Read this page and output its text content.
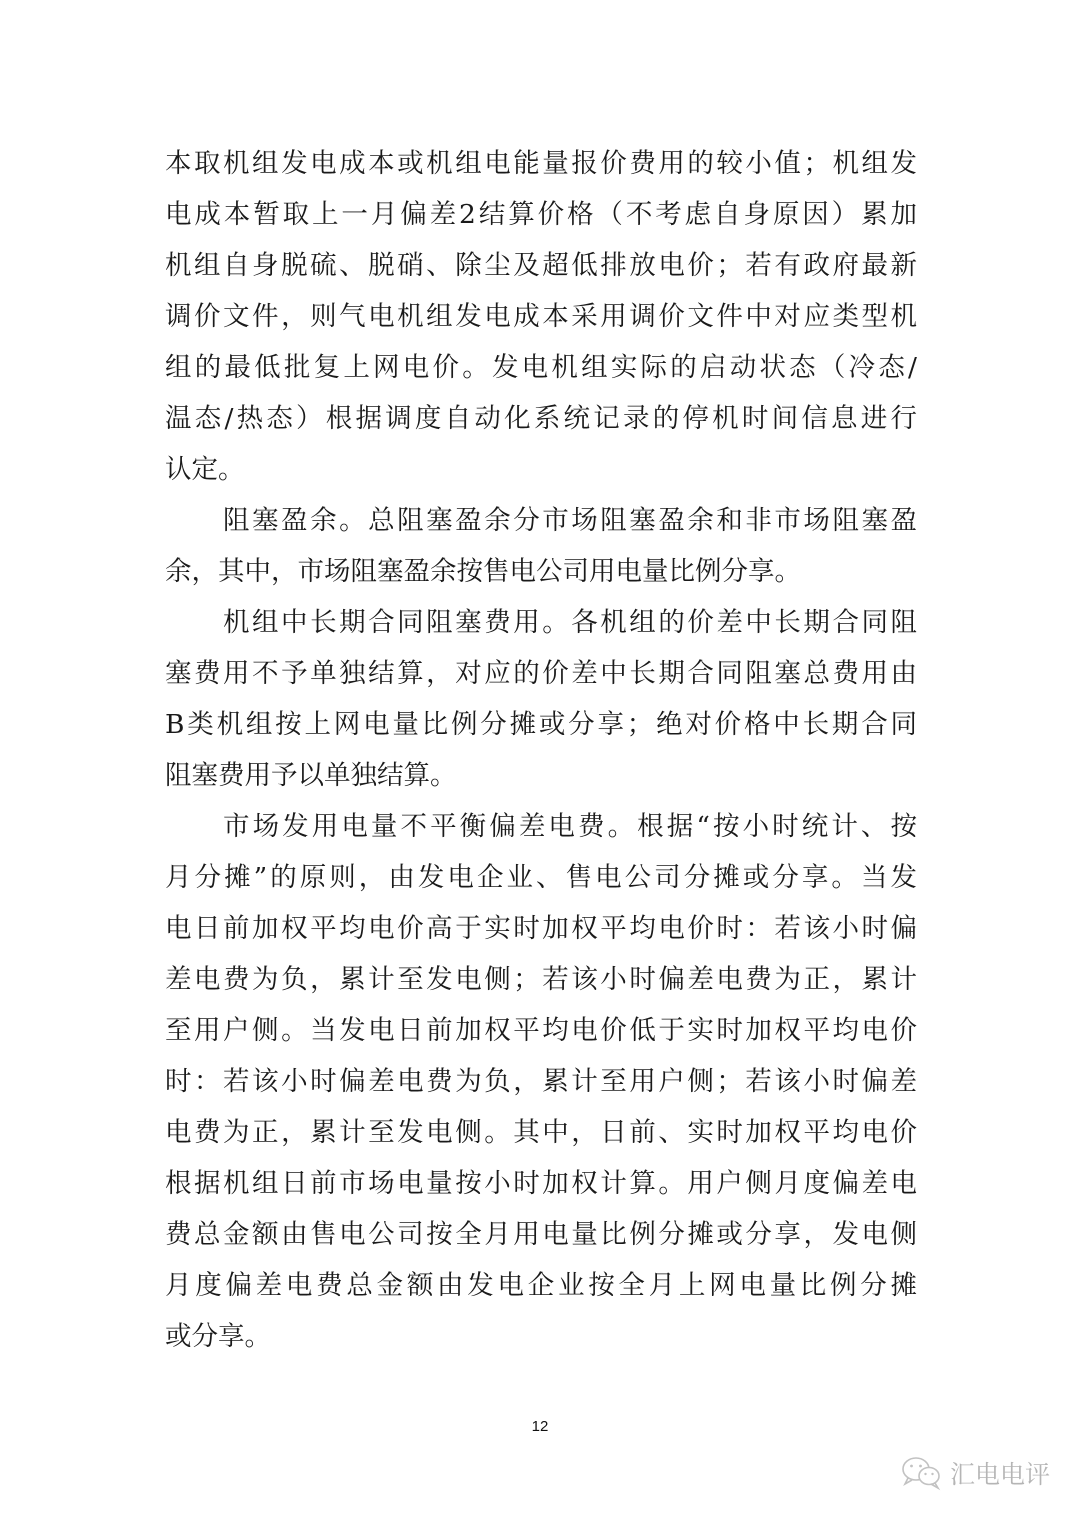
本取机组发电成本或机组电能量报价费用的较小值；机组发
电成本暂取上一月偏差2结算价格（不考虑自身原因）累加
机组自身脱硫、脱硝、除尘及超低排放电价；若有政府最新
调价文件，则气电机组发电成本采用调价文件中对应类型机
组的最低批复上网电价。发电机组实际的启动状态（冷态/
温态/热态）根据调度自动化系统记录的停机时间信息进行
认定。
阻塞盈余。总阻塞盈余分市场阻塞盈余和非市场阻塞盈
余，其中，市场阻塞盈余按售电公司用电量比例分享。
机组中长期合同阻塞费用。各机组的价差中长期合同阻
塞费用不予单独结算，对应的价差中长期合同阻塞总费用由
B类机组按上网电量比例分摊或分享；绝对价格中长期合同
阻塞费用予以单独结算。
市场发用电量不平衡偏差电费。根据“按小时统计、按
月分摊”的原则，由发电企业、售电公司分摊或分享。当发
电日前加权平均电价高于实时加权平均电价时：若该小时偏
差电费为负，累计至发电侧；若该小时偏差电费为正，累计
至用户侧。当发电日前加权平均电价低于实时加权平均电价
时：若该小时偏差电费为负，累计至用户侧；若该小时偏差
电费为正，累计至发电侧。其中，日前、实时加权平均电价
根据机组日前市场电量按小时加权计算。用户侧月度偏差电
费总金额由售电公司按全月用电量比例分摊或分享，发电侧
月度偏差电费总金额由发电企业按全月上网电量比例分摊
或分享。
12
汇电电评
